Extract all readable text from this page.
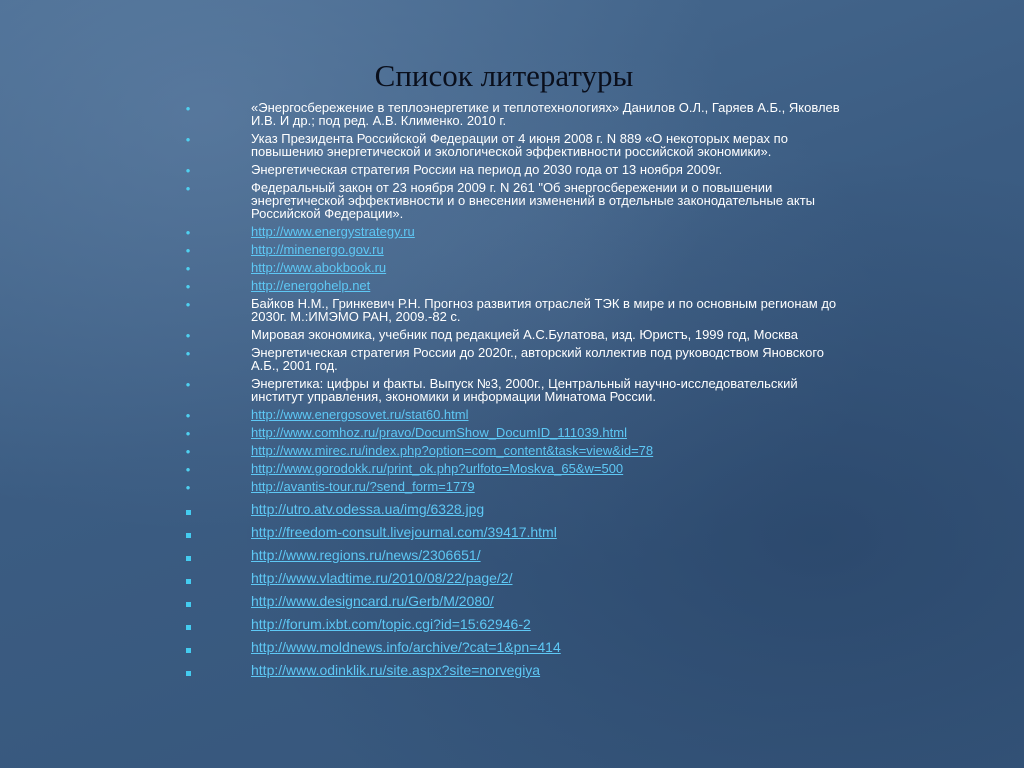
Список литературы
•	«Энергосбережение в теплоэнергетике и теплотехнологиях» Данилов О.Л., Гаряев А.Б., Яковлев И.В. И др.; под ред. А.В. Клименко. 2010 г.
•	Указ Президента Российской Федерации от 4 июня 2008 г. N 889 «О некоторых мерах по повышению энергетической и экологической эффективности российской экономики».
•	Энергетическая стратегия России на период до 2030 года от 13 ноября 2009г.
•	Федеральный закон от 23 ноября 2009 г. N 261 "Об энергосбережении и о повышении энергетической эффективности и о внесении изменений в отдельные законодательные акты Российской Федерации».
•	http://www.energystrategy.ru
•	http://minenergo.gov.ru
•	http://www.abokbook.ru
•	http://energohelp.net
•	Байков Н.М., Гринкевич Р.Н. Прогноз развития отраслей ТЭК в мире и по основным регионам до 2030г. М.:ИМЭМО РАН, 2009.-82 с.
•	Мировая экономика, учебник под редакцией А.С.Булатова, изд. Юристъ, 1999 год, Москва
•	Энергетическая стратегия России до 2020г., авторский коллектив под руководством Яновского А.Б., 2001 год.
•	Энергетика: цифры и факты. Выпуск №3, 2000г., Центральный научно-исследовательский институт управления, экономики и информации Минатома России.
•	http://www.energosovet.ru/stat60.html
•	http://www.comhoz.ru/pravo/DocumShow_DocumID_111039.html
•	http://www.mirec.ru/index.php?option=com_content&task=view&id=78
•	http://www.gorodokk.ru/print_ok.php?urlfoto=Moskva_65&w=500
•	http://avantis-tour.ru/?send_form=1779
http://utro.atv.odessa.ua/img/6328.jpg
http://freedom-consult.livejournal.com/39417.html
http://www.regions.ru/news/2306651/
http://www.vladtime.ru/2010/08/22/page/2/
http://www.designcard.ru/Gerb/M/2080/
http://forum.ixbt.com/topic.cgi?id=15:62946-2
http://www.moldnews.info/archive/?cat=1&pn=414
http://www.odinklik.ru/site.aspx?site=norvegiya
